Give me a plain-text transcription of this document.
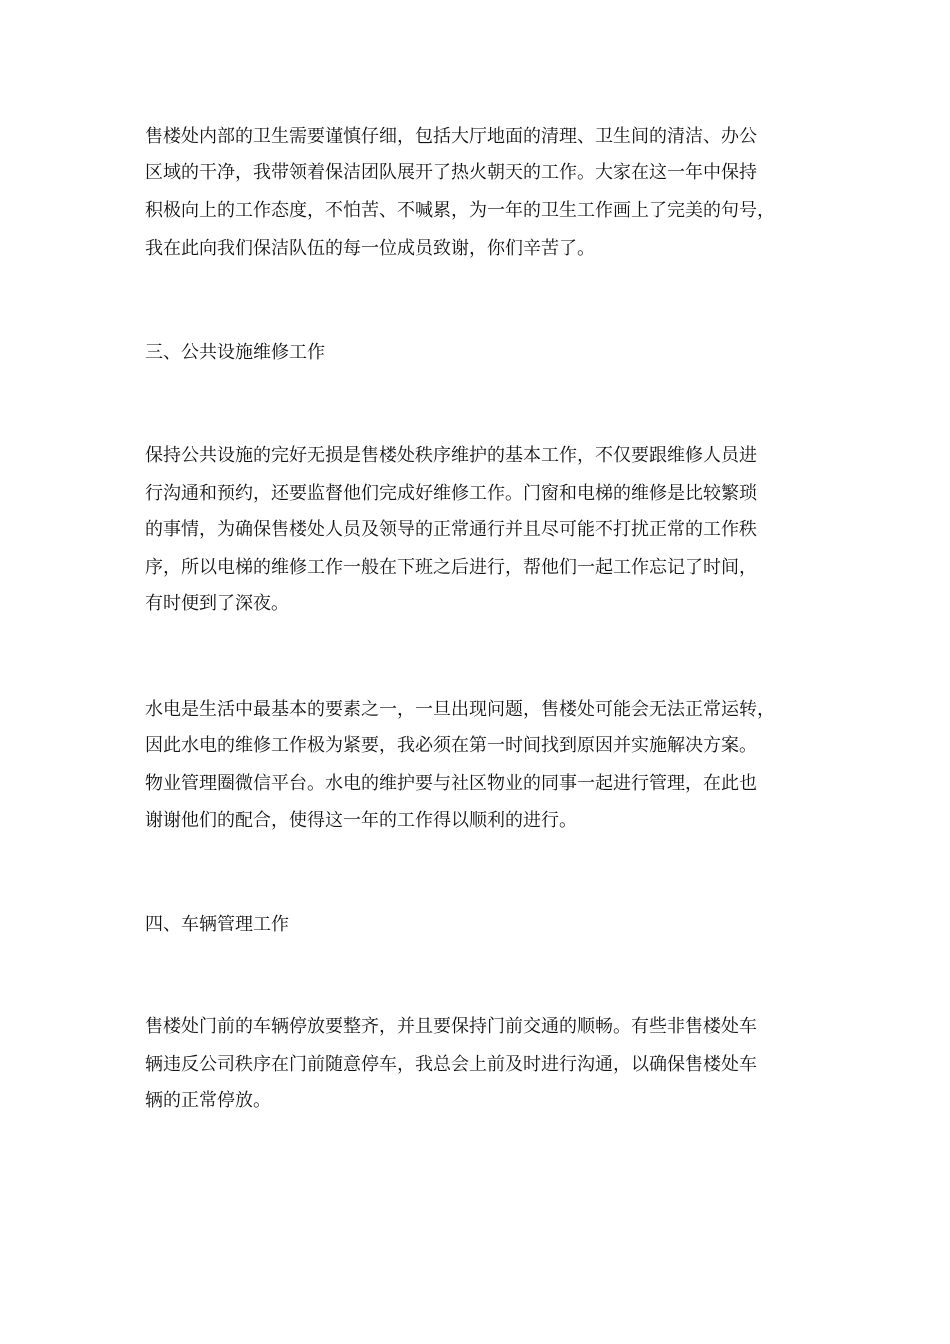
售楼处内部的卫生需要谨慎仔细，包括大厅地面的清理、卫生间的清洁、办公

区域的干净，我带领着保洁团队展开了热火朝天的工作。大家在这一年中保持

积极向上的工作态度，不怕苦、不喊累，为一年的卫生工作画上了完美的句号，

我在此向我们保洁队伍的每一位成员致谢，你们辛苦了。

三、公共设施维修工作

保持公共设施的完好无损是售楼处秩序维护的基本工作，不仅要跟维修人员进

行沟通和预约，还要监督他们完成好维修工作。门窗和电梯的维修是比较繁琐

的事情，为确保售楼处人员及领导的正常通行并且尽可能不打扰正常的工作秩

序，所以电梯的维修工作一般在下班之后进行，帮他们一起工作忘记了时间，

有时便到了深夜。

水电是生活中最基本的要素之一，一旦出现问题，售楼处可能会无法正常运转，

因此水电的维修工作极为紧要，我必须在第一时间找到原因并实施解决方案。

物业管理圈微信平台。水电的维护要与社区物业的同事一起进行管理，在此也

谢谢他们的配合，使得这一年的工作得以顺利的进行。

四、车辆管理工作

售楼处门前的车辆停放要整齐，并且要保持门前交通的顺畅。有些非售楼处车

辆违反公司秩序在门前随意停车，我总会上前及时进行沟通，以确保售楼处车

辆的正常停放。
